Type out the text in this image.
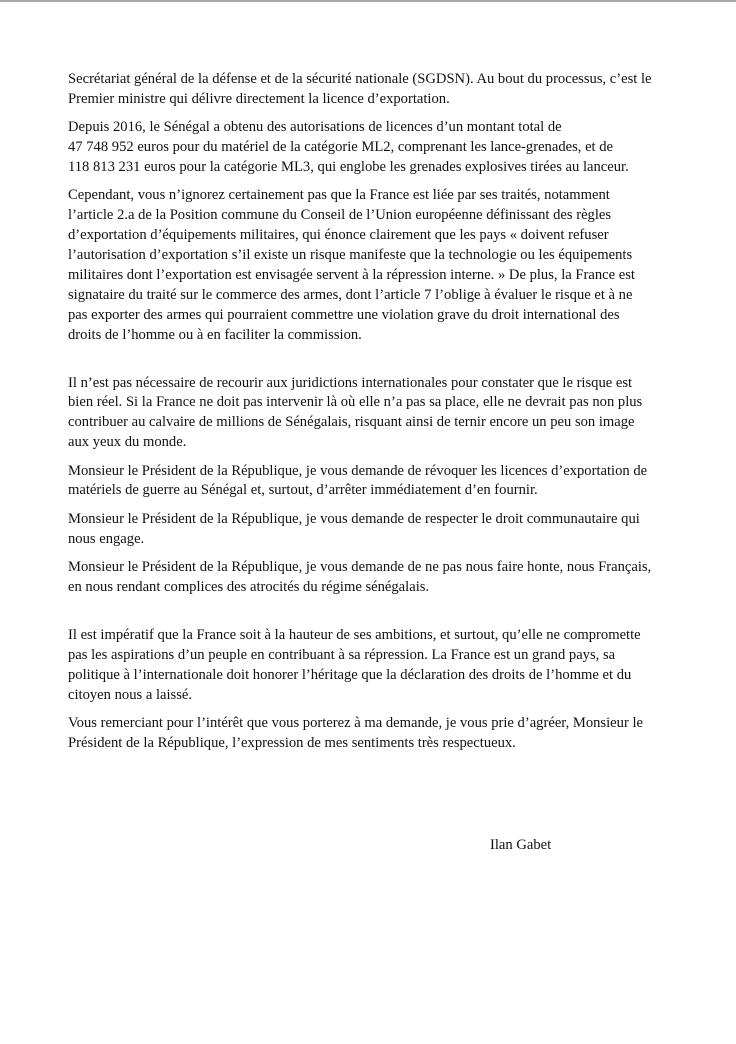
Secrétariat général de la défense et de la sécurité nationale (SGDSN). Au bout du processus, c’est le
Premier ministre qui délivre directement la licence d’exportation.

Depuis 2016, le Sénégal a obtenu des autorisations de licences d’un montant total de
47 748 952 euros pour du matériel de la catégorie ML2, comprenant les lance-grenades, et de
118 813 231 euros pour la catégorie ML3, qui englobe les grenades explosives tirées au lanceur.

Cependant, vous n’ignorez certainement pas que la France est liée par ses traités, notamment
l’article 2.a de la Position commune du Conseil de l’Union européenne définissant des règles
d’exportation d’équipements militaires, qui énonce clairement que les pays « doivent refuser
l’autorisation d’exportation s’il existe un risque manifeste que la technologie ou les équipements
militaires dont l’exportation est envisagée servent à la répression interne. » De plus, la France est
signataire du traité sur le commerce des armes, dont l’article 7 l’oblige à évaluer le risque et à ne
pas exporter des armes qui pourraient commettre une violation grave du droit international des
droits de l’homme ou à en faciliter la commission.

Il n’est pas nécessaire de recourir aux juridictions internationales pour constater que le risque est
bien réel. Si la France ne doit pas intervenir là où elle n’a pas sa place, elle ne devrait pas non plus
contribuer au calvaire de millions de Sénégalais, risquant ainsi de ternir encore un peu son image
aux yeux du monde.

Monsieur le Président de la République, je vous demande de révoquer les licences d’exportation de
matériels de guerre au Sénégal et, surtout, d’arrêter immédiatement d’en fournir.

Monsieur le Président de la République, je vous demande de respecter le droit communautaire qui
nous engage.

Monsieur le Président de la République, je vous demande de ne pas nous faire honte, nous Français,
en nous rendant complices des atrocités du régime sénégalais.

Il est impératif que la France soit à la hauteur de ses ambitions, et surtout, qu’elle ne compromette
pas les aspirations d’un peuple en contribuant à sa répression. La France est un grand pays, sa
politique à l’internationale doit honorer l’héritage que la déclaration des droits de l’homme et du
citoyen nous a laissé.

Vous remerciant pour l’intérêt que vous porterez à ma demande, je vous prie d’agréer, Monsieur le
Président de la République, l’expression de mes sentiments très respectueux.

Ilan Gabet
